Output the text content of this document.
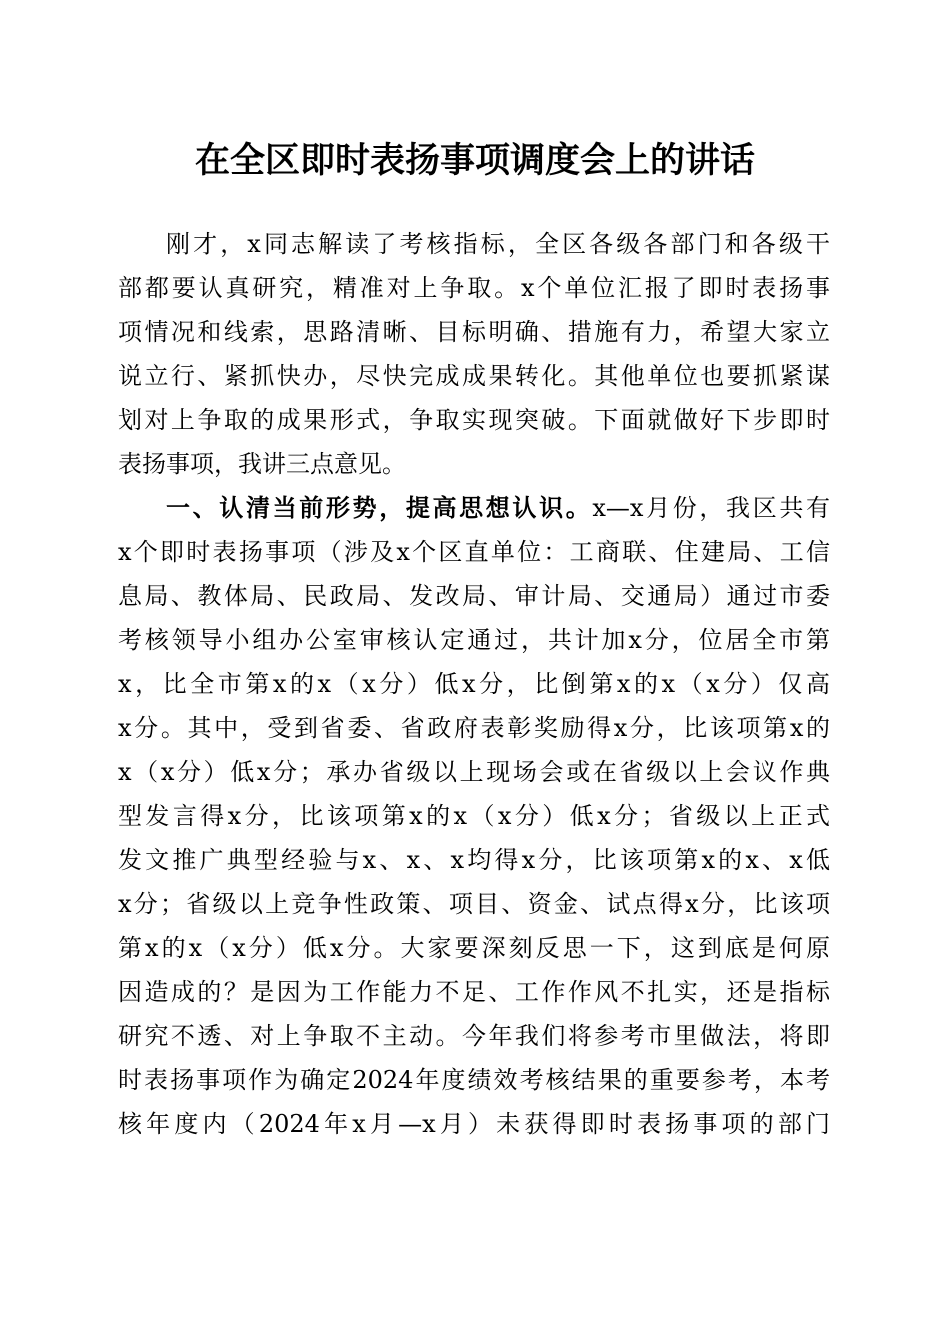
在全区即时表扬事项调度会上的讲话
刚才，x同志解读了考核指标，全区各级各部门和各级干
部都要认真研究，精准对上争取。x个单位汇报了即时表扬事
项情况和线索，思路清晰、目标明确、措施有力，希望大家立
说立行、紧抓快办，尽快完成成果转化。其他单位也要抓紧谋
划对上争取的成果形式，争取实现突破。下面就做好下步即时
表扬事项，我讲三点意见。
一、认清当前形势，提高思想认识。x—x月份，我区共有
x个即时表扬事项（涉及x个区直单位：工商联、住建局、工信
息局、教体局、民政局、发改局、审计局、交通局）通过市委
考核领导小组办公室审核认定通过，共计加x分，位居全市第
x，比全市第x的x（x分）低x分，比倒第x的x（x分）仅高
x分。其中，受到省委、省政府表彰奖励得x分，比该项第x的
x（x分）低x分；承办省级以上现场会或在省级以上会议作典
型发言得x分，比该项第x的x（x分）低x分；省级以上正式
发文推广典型经验与x、x、x均得x分，比该项第x的x、x低
x分；省级以上竞争性政策、项目、资金、试点得x分，比该项
第x的x（x分）低x分。大家要深刻反思一下，这到底是何原
因造成的？是因为工作能力不足、工作作风不扎实，还是指标
研究不透、对上争取不主动。今年我们将参考市里做法，将即
时表扬事项作为确定2024年度绩效考核结果的重要参考，本考
核年度内（2024年x月—x月）未获得即时表扬事项的部门
